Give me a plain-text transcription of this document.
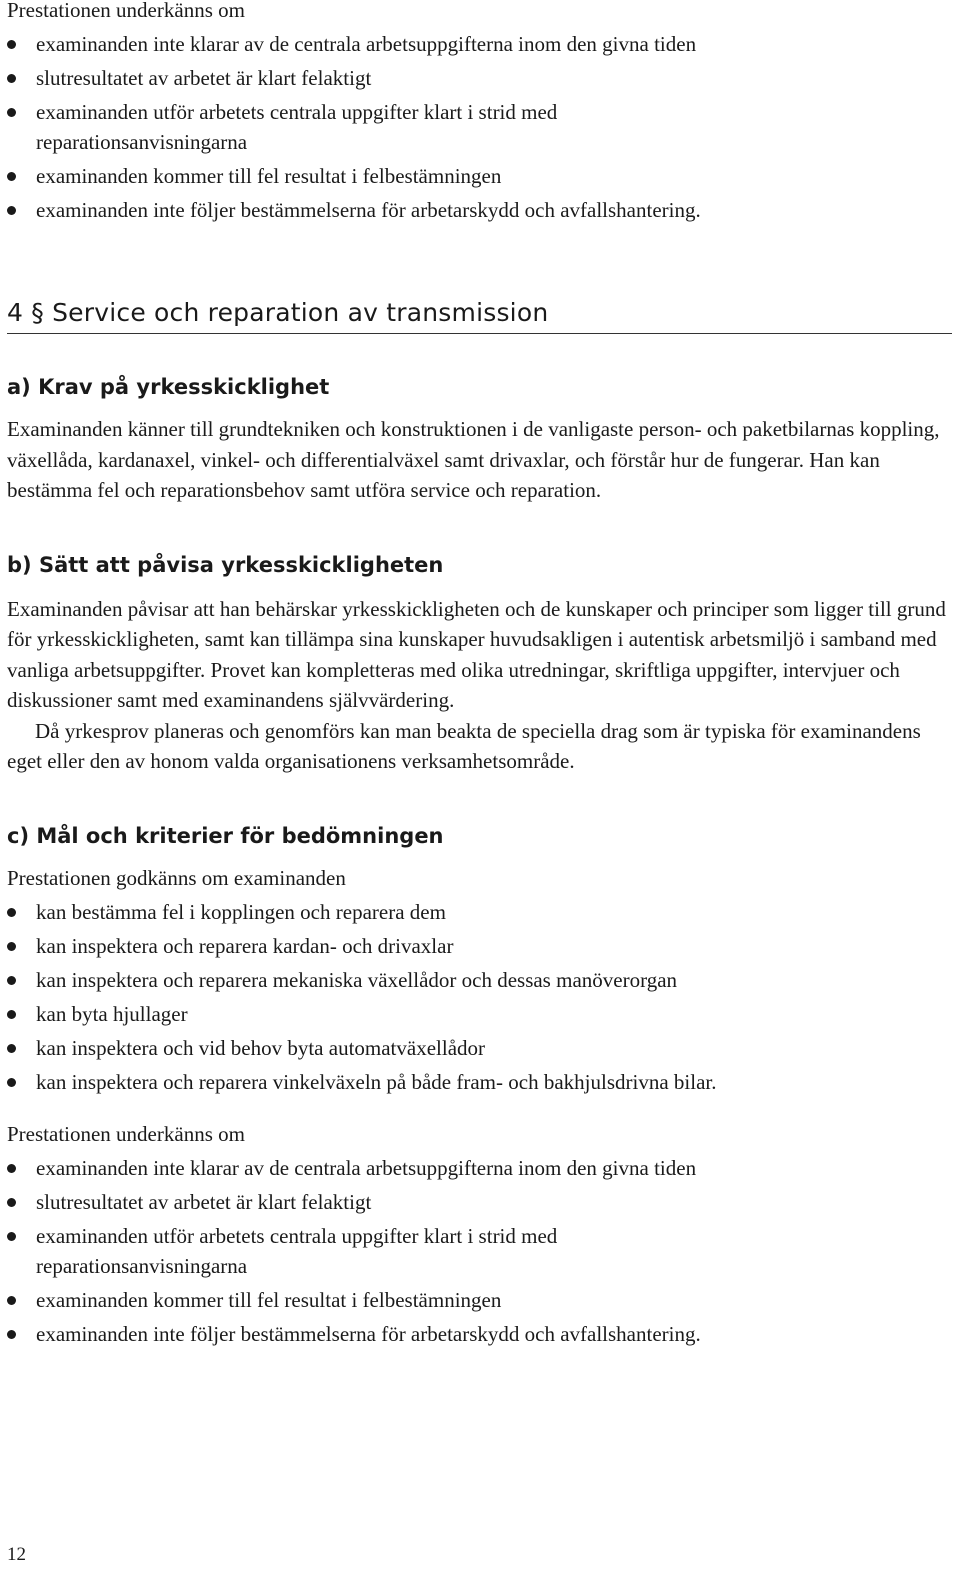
Prestationen underkänns om

examinanden inte klarar av de centrala arbetsuppgifterna inom den givna tiden
slutresultatet av arbetet är klart felaktigt
examinanden utför arbetets centrala uppgifter klart i strid med reparationsanvisningarna
examinanden kommer till fel resultat i felbestämningen
examinanden inte följer bestämmelserna för arbetarskydd och avfallshantering.
4 § Service och reparation av transmission
a) Krav på yrkesskicklighet

Examinanden känner till grundtekniken och konstruktionen i de vanligaste person- och paketbilarnas koppling, växellåda, kardanaxel, vinkel- och differentialväxel samt drivaxlar, och förstår hur de fungerar. Han kan bestämma fel och reparationsbehov samt utföra service och reparation.

b) Sätt att påvisa yrkesskickligheten

Examinanden påvisar att han behärskar yrkesskickligheten och de kunskaper och principer som ligger till grund för yrkesskickligheten, samt kan tillämpa sina kunskaper huvudsakligen i autentisk arbetsmiljö i samband med vanliga arbetsuppgifter. Provet kan kompletteras med olika utredningar, skriftliga uppgifter, intervjuer och diskussioner samt med examinandens självvärdering.

Då yrkesprov planeras och genomförs kan man beakta de speciella drag som är typiska för examinandens eget eller den av honom valda organisationens verksamhetsområde.

c) Mål och kriterier för bedömningen

Prestationen godkänns om examinanden

kan bestämma fel i kopplingen och reparera dem
kan inspektera och reparera kardan- och drivaxlar
kan inspektera och reparera mekaniska växellådor och dessas manöverorgan
kan byta hjullager
kan inspektera och vid behov byta automatväxellådor
kan inspektera och reparera vinkelväxeln på både fram- och bakhjulsdrivna bilar.

Prestationen underkänns om

examinanden inte klarar av de centrala arbetsuppgifterna inom den givna tiden
slutresultatet av arbetet är klart felaktigt
examinanden utför arbetets centrala uppgifter klart i strid med reparationsanvisningarna
examinanden kommer till fel resultat i felbestämningen
examinanden inte följer bestämmelserna för arbetarskydd och avfallshantering.
12
